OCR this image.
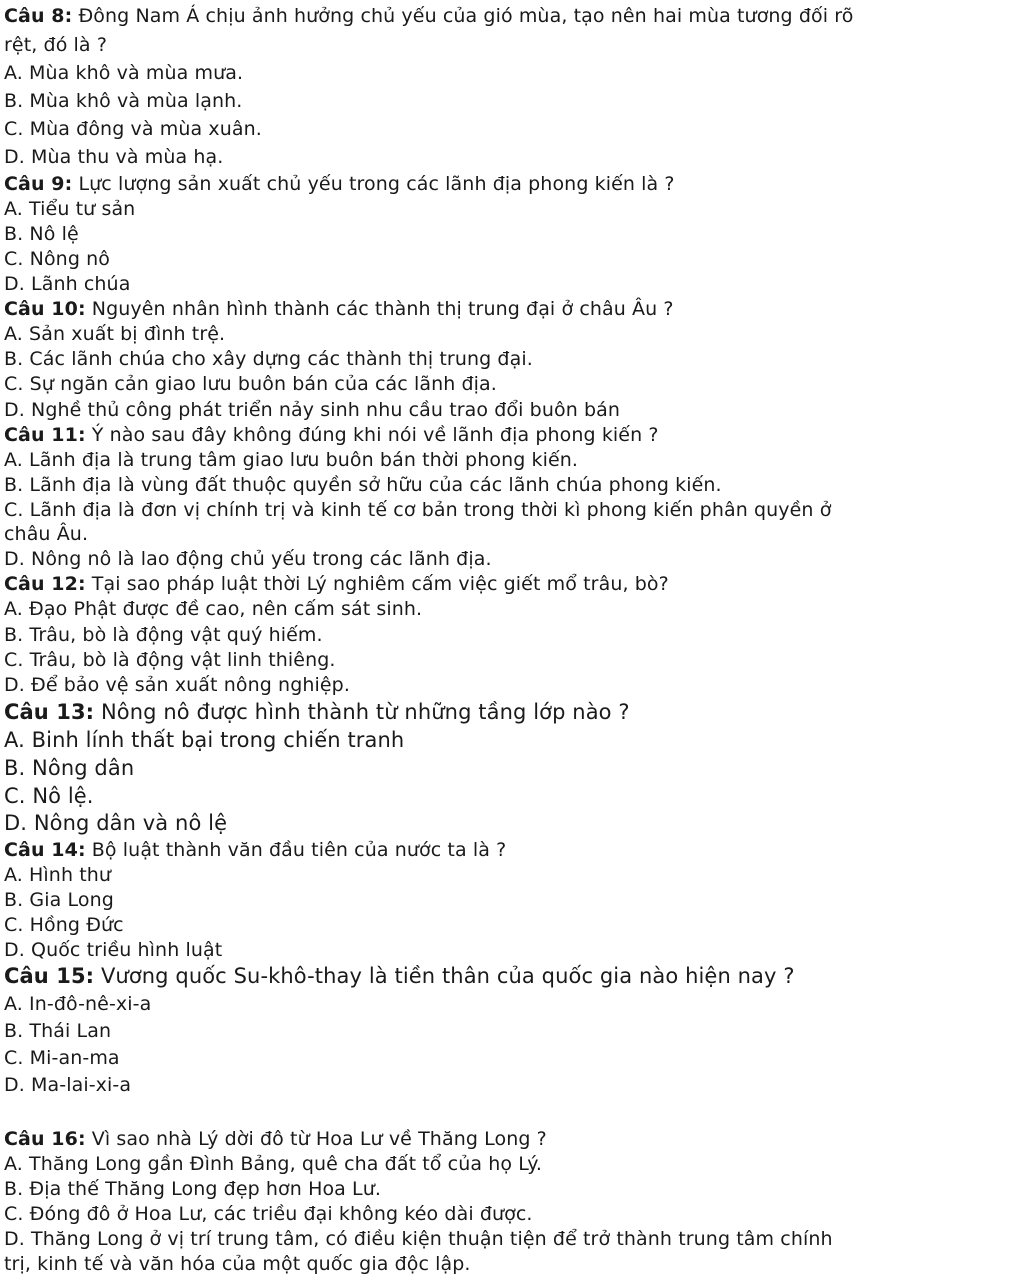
Câu 8: Đông Nam Á chịu ảnh hưởng chủ yếu của gió mùa, tạo nên hai mùa tương đối rõ
rệt, đó là ?
A. Mùa khô và mùa mưa.
B. Mùa khô và mùa lạnh.
C. Mùa đông và mùa xuân.
D. Mùa thu và mùa hạ.
Câu 9: Lực lượng sản xuất chủ yếu trong các lãnh địa phong kiến là ?
A. Tiểu tư sản
B. Nô lệ
C. Nông nô
D. Lãnh chúa
Câu 10: Nguyên nhân hình thành các thành thị trung đại ở châu Âu ?
A. Sản xuất bị đình trệ.
B. Các lãnh chúa cho xây dựng các thành thị trung đại.
C. Sự ngăn cản giao lưu buôn bán của các lãnh địa.
D. Nghề thủ công phát triển nảy sinh nhu cầu trao đổi buôn bán
Câu 11: Ý nào sau đây không đúng khi nói về lãnh địa phong kiến ?
A. Lãnh địa là trung tâm giao lưu buôn bán thời phong kiến.
B. Lãnh địa là vùng đất thuộc quyền sở hữu của các lãnh chúa phong kiến.
C. Lãnh địa là đơn vị chính trị và kinh tế cơ bản trong thời kì phong kiến phân quyền ở
châu Âu.
D. Nông nô là lao động chủ yếu trong các lãnh địa.
Câu 12: Tại sao pháp luật thời Lý nghiêm cấm việc giết mổ trâu, bò?
A. Đạo Phật được đề cao, nên cấm sát sinh.
B. Trâu, bò là động vật quý hiếm.
C. Trâu, bò là động vật linh thiêng.
D. Để bảo vệ sản xuất nông nghiệp.
Câu 13: Nông nô được hình thành từ những tầng lớp nào ?
A. Binh lính thất bại trong chiến tranh
B. Nông dân
C. Nô lệ.
D. Nông dân và nô lệ
Câu 14: Bộ luật thành văn đầu tiên của nước ta là ?
A. Hình thư
B. Gia Long
C. Hồng Đức
D. Quốc triều hình luật
Câu 15: Vương quốc Su-khô-thay là tiền thân của quốc gia nào hiện nay ?
A. In-đô-nê-xi-a
B. Thái Lan
C. Mi-an-ma
D. Ma-lai-xi-a
Câu 16: Vì sao nhà Lý dời đô từ Hoa Lư về Thăng Long ?
A. Thăng Long gần Đình Bảng, quê cha đất tổ của họ Lý.
B. Địa thế Thăng Long đẹp hơn Hoa Lư.
C. Đóng đô ở Hoa Lư, các triều đại không kéo dài được.
D. Thăng Long ở vị trí trung tâm, có điều kiện thuận tiện để trở thành trung tâm chính
trị, kinh tế và văn hóa của một quốc gia độc lập.
